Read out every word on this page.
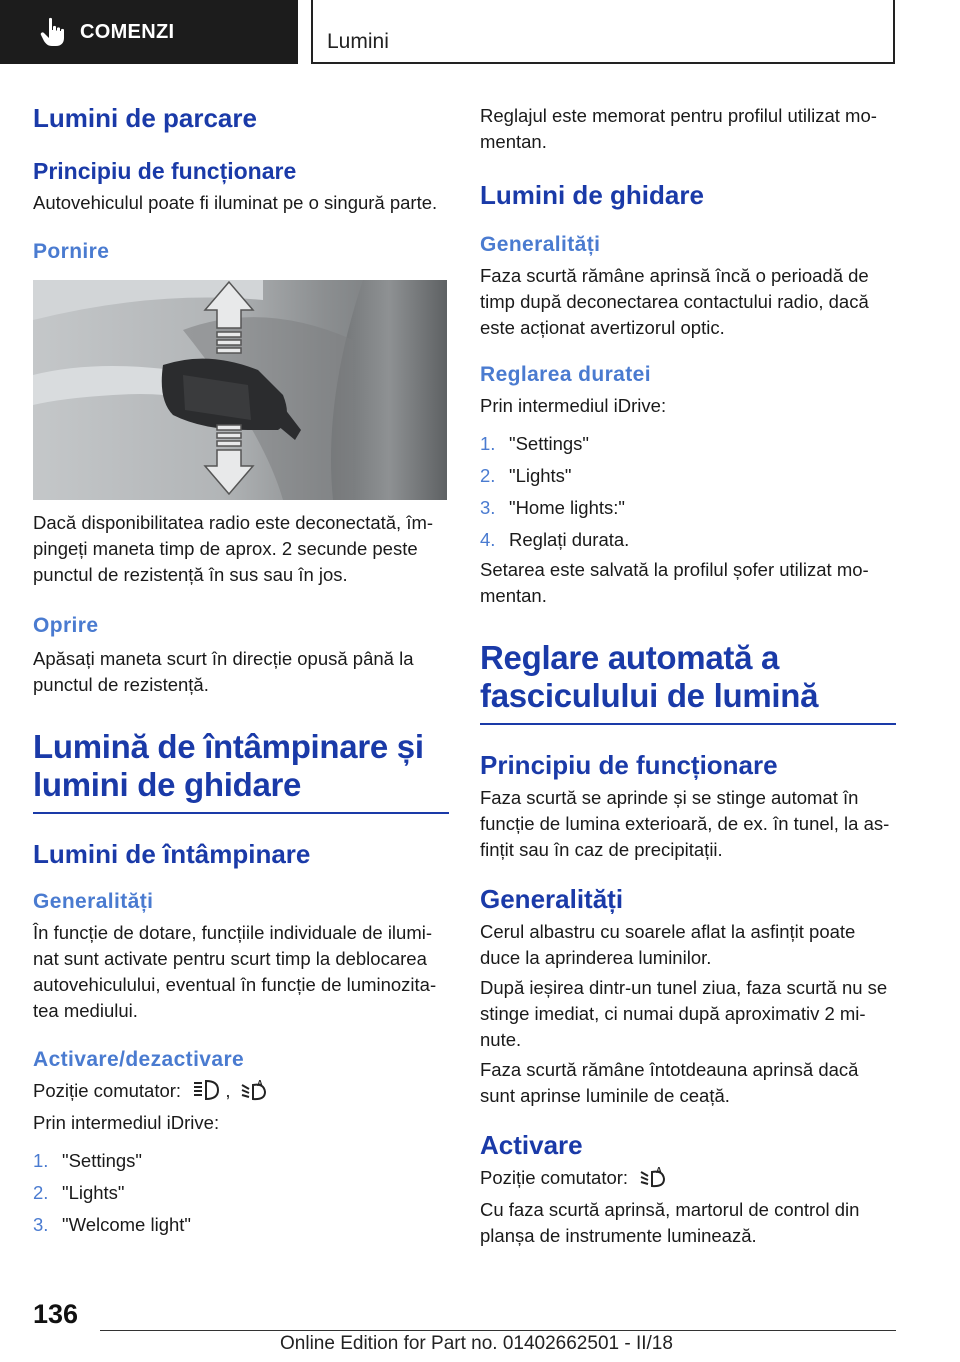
COMENZI	Lumini
Lumini de parcare
Principiu de funcționare
Autovehiculul poate fi iluminat pe o singură parte.
Pornire
Dacă disponibilitatea radio este deconectată, îm-pingeți maneta timp de aprox. 2 secunde peste punctul de rezistență în sus sau în jos.
Oprire
Apăsați maneta scurt în direcție opusă până la punctul de rezistență.
Lumină de întâmpinare și
lumini de ghidare
Lumini de întâmpinare
Generalități
În funcție de dotare, funcțiile individuale de ilumi-nat sunt activate pentru scurt timp la deblocarea autovehiculului, eventual în funcție de luminozita-tea mediului.
Activare/dezactivare
Poziție comutator: ,	A
Prin intermediul iDrive:
1. "Settings"
2. "Lights"
3. "Welcome light"
Reglajul este memorat pentru profilul utilizat mo-mentan.
Lumini de ghidare
Generalități
Faza scurtă rămâne aprinsă încă o perioadă de timp după deconectarea contactului radio, dacă este acționat avertizorul optic.
Reglarea duratei
Prin intermediul iDrive:
1. "Settings"
2. "Lights"
3. "Home lights:"
4. Reglați durata.
Setarea este salvată la profilul șofer utilizat mo-mentan.
Reglare automată a
fasciculului de lumină
Principiu de funcționare
Faza scurtă se aprinde și se stinge automat în funcție de lumina exterioară, de ex. în tunel, la as-fințit sau în caz de precipitații.
Generalități
Cerul albastru cu soarele aflat la asfințit poate duce la aprinderea luminilor.
După ieșirea dintr-un tunel ziua, faza scurtă nu se stinge imediat, ci numai după aproximativ 2 mi-nute.
Faza scurtă rămâne întotdeauna aprinsă dacă sunt aprinse luminile de ceață.
Activare
Poziție comutator:	A
Cu faza scurtă aprinsă, martorul de control din planșa de instrumente luminează.
136
Online Edition for Part no. 01402662501 - II/18
